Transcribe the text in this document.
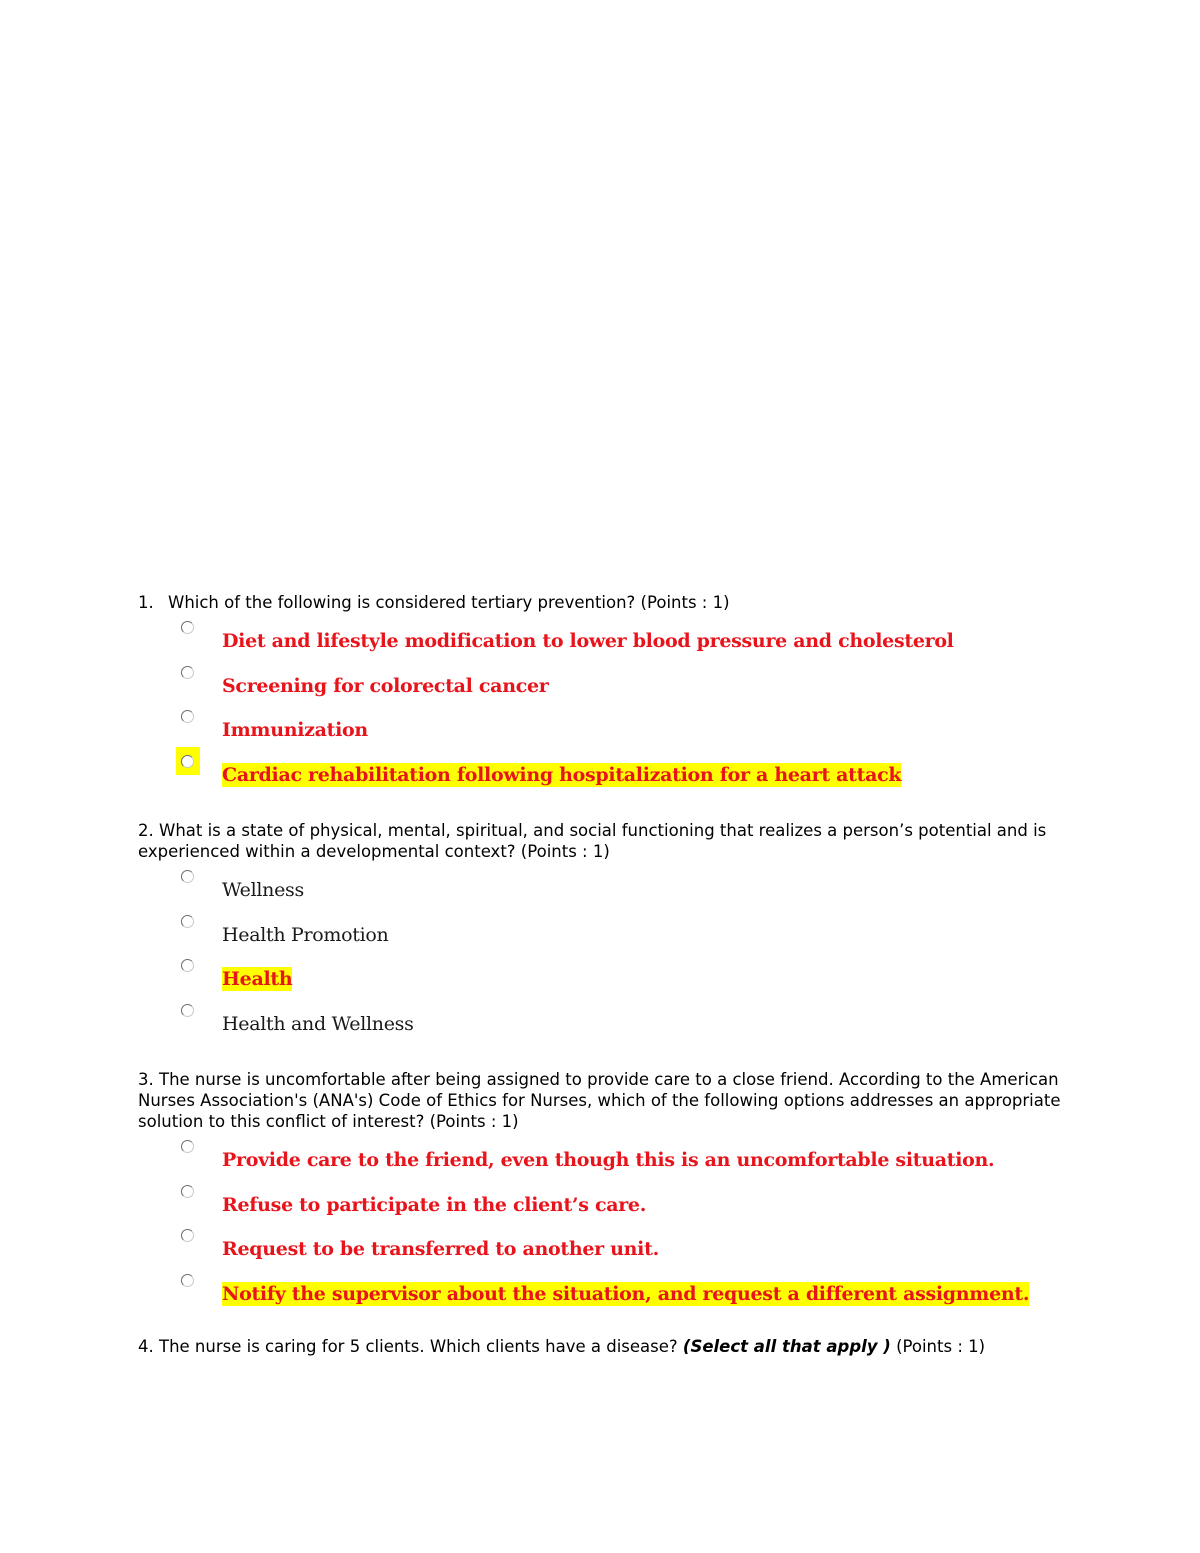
1. Which of the following is considered tertiary prevention? (Points : 1)

Diet and lifestyle modification to lower blood pressure and cholesterol
Screening for colorectal cancer
Immunization
Cardiac rehabilitation following hospitalization for a heart attack

2. What is a state of physical, mental, spiritual, and social functioning that realizes a person’s potential and is experienced within a developmental context? (Points : 1)

Wellness
Health Promotion
Health
Health and Wellness

3. The nurse is uncomfortable after being assigned to provide care to a close friend. According to the American Nurses Association's (ANA's) Code of Ethics for Nurses, which of the following options addresses an appropriate solution to this conflict of interest? (Points : 1)

Provide care to the friend, even though this is an uncomfortable situation.
Refuse to participate in the client’s care.
Request to be transferred to another unit.
Notify the supervisor about the situation, and request a different assignment.

4. The nurse is caring for 5 clients. Which clients have a disease? (Select all that apply ) (Points : 1)
